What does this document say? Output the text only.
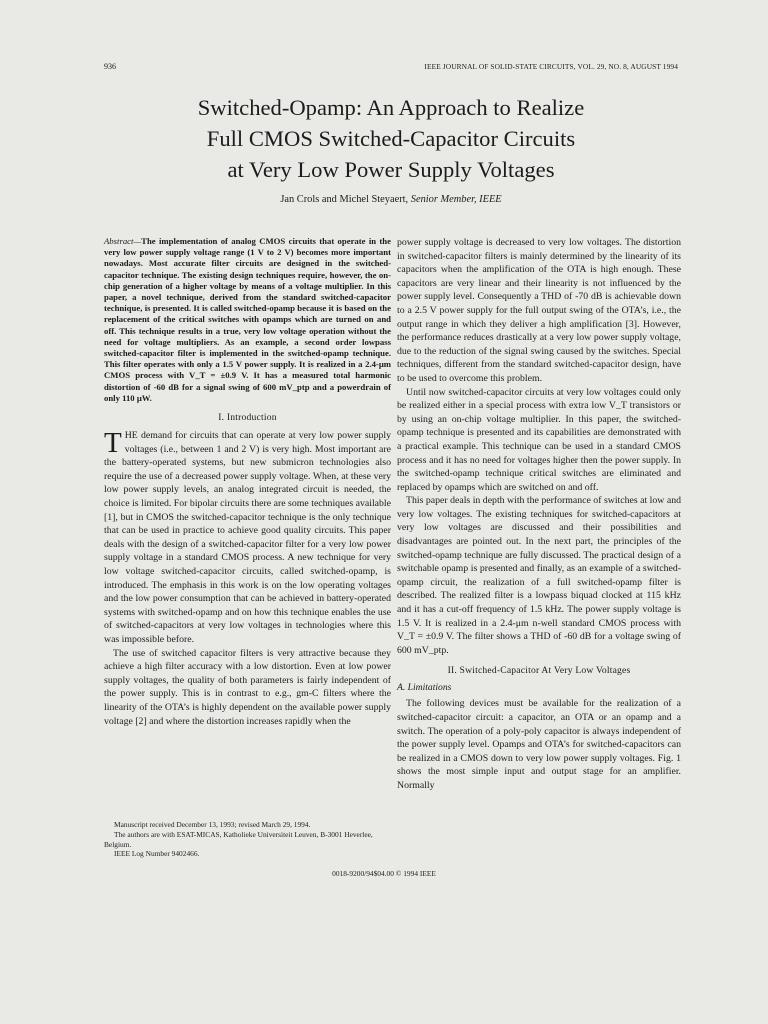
936	IEEE JOURNAL OF SOLID-STATE CIRCUITS, VOL. 29, NO. 8, AUGUST 1994
Switched-Opamp: An Approach to Realize
Full CMOS Switched-Capacitor Circuits
at Very Low Power Supply Voltages
Jan Crols and Michel Steyaert, Senior Member, IEEE

Abstract—The implementation of analog CMOS circuits that operate in the very low power supply voltage range (1 V to 2 V) becomes more important nowadays. Most accurate filter circuits are designed in the switched-capacitor technique. The existing design techniques require, however, the on-chip generation of a higher voltage by means of a voltage multiplier. In this paper, a novel technique, derived from the standard switched-capacitor technique, is presented. It is called switched-opamp because it is based on the replacement of the critical switches with opamps which are turned on and off. This technique results in a true, very low voltage operation without the need for voltage multipliers. As an example, a second order lowpass switched-capacitor filter is implemented in the switched-opamp technique. This filter operates with only a 1.5 V power supply. It is realized in a 2.4-μm CMOS process with V_T = ±0.9 V. It has a measured total harmonic distortion of -60 dB for a signal swing of 600 mV_ptp and a powerdrain of only 110 μW.

I. Introduction

THE demand for circuits that can operate at very low power supply voltages (i.e., between 1 and 2 V) is very high. Most important are the battery-operated systems, but new submicron technologies also require the use of a decreased power supply voltage. When, at these very low power supply levels, an analog integrated circuit is needed, the choice is limited. For bipolar circuits there are some techniques available [1], but in CMOS the switched-capacitor technique is the only technique that can be used in practice to achieve good quality circuits. This paper deals with the design of a switched-capacitor filter for a very low power supply voltage in a standard CMOS process. A new technique for very low voltage switched-capacitor circuits, called switched-opamp, is introduced. The emphasis in this work is on the low operating voltages and the low power consumption that can be achieved in battery-operated systems with switched-opamp and on how this technique enables the use of switched-capacitors at very low voltages in technologies where this was impossible before.

The use of switched capacitor filters is very attractive because they achieve a high filter accuracy with a low distortion. Even at low power supply voltages, the quality of both parameters is fairly independent of the power supply. This is in contrast to e.g., gm-C filters where the linearity of the OTA’s is highly dependent on the available power supply voltage [2] and where the distortion increases rapidly when the

power supply voltage is decreased to very low voltages. The distortion in switched-capacitor filters is mainly determined by the linearity of its capacitors when the amplification of the OTA is high enough. These capacitors are very linear and their linearity is not influenced by the power supply level. Consequently a THD of -70 dB is achievable down to a 2.5 V power supply for the full output swing of the OTA’s, i.e., the output range in which they deliver a high amplification [3]. However, the performance reduces drastically at a very low power supply voltage, due to the reduction of the signal swing caused by the switches. Special techniques, different from the standard switched-capacitor design, have to be used to overcome this problem.

Until now switched-capacitor circuits at very low voltages could only be realized either in a special process with extra low V_T transistors or by using an on-chip voltage multiplier. In this paper, the switched-opamp technique is presented and its capabilities are demonstrated with a practical example. This technique can be used in a standard CMOS process and it has no need for voltages higher then the power supply. In the switched-opamp technique critical switches are eliminated and replaced by opamps which are switched on and off.

This paper deals in depth with the performance of switches at low and very low voltages. The existing techniques for switched-capacitors at very low voltages are discussed and their possibilities and disadvantages are pointed out. In the next part, the principles of the switched-opamp technique are fully discussed. The practical design of a switchable opamp is presented and finally, as an example of a switched-opamp circuit, the realization of a full switched-opamp filter is described. The realized filter is a lowpass biquad clocked at 115 kHz and it has a cut-off frequency of 1.5 kHz. The power supply voltage is 1.5 V. It is realized in a 2.4-μm n-well standard CMOS process with V_T = ±0.9 V. The filter shows a THD of -60 dB for a voltage swing of 600 mV_ptp.

II. Switched-Capacitor At Very Low Voltages
A. Limitations

The following devices must be available for the realization of a switched-capacitor circuit: a capacitor, an OTA or an opamp and a switch. The operation of a poly-poly capacitor is always independent of the power supply level. Opamps and OTA’s for switched-capacitors can be realized in a CMOS down to very low power supply voltages. Fig. 1 shows the most simple input and output stage for an amplifier. Normally

Manuscript received December 13, 1993; revised March 29, 1994.

The authors are with ESAT-MICAS, Katholieke Universiteit Leuven, B-3001 Heverlee, Belgium.

IEEE Log Number 9402466.

0018-9200/94$04.00 © 1994 IEEE
